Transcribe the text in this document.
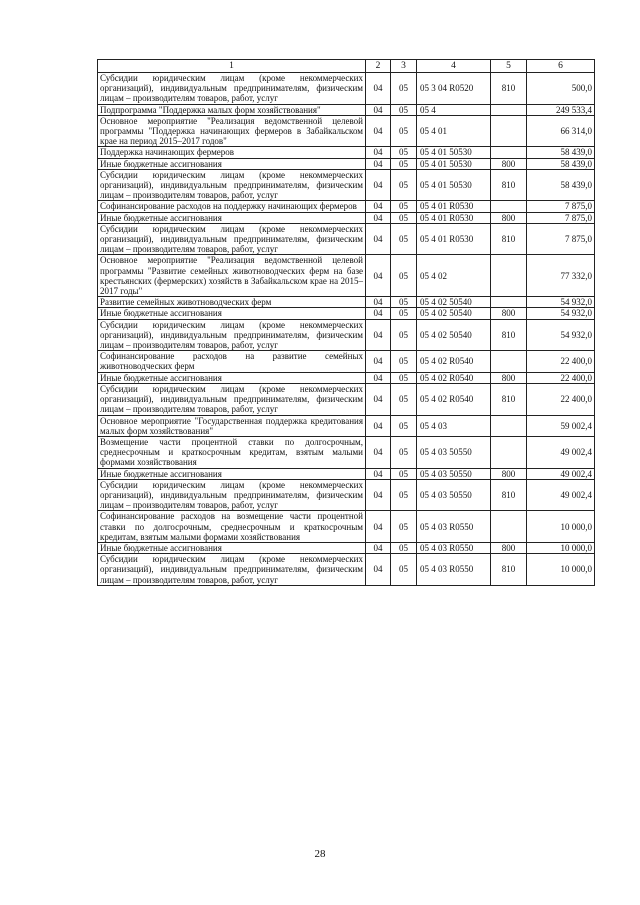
1	2	3	4	5	6
Субсидии юридическим лицам (кроме некоммерческих организаций), индивидуальным предпринимателям, физическим лицам – производителям товаров, работ, услуг	04	05	05 3 04 R0520	810	500,0
Подпрограмма "Поддержка малых форм хозяйствования"	04	05	05 4		249 533,4
Основное мероприятие "Реализация ведомственной целевой программы "Поддержка начинающих фермеров в Забайкальском крае на период 2015–2017 годов"	04	05	05 4 01		66 314,0
Поддержка начинающих фермеров	04	05	05 4 01 50530		58 439,0
Иные бюджетные ассигнования	04	05	05 4 01 50530	800	58 439,0
Субсидии юридическим лицам (кроме некоммерческих организаций), индивидуальным предпринимателям, физическим лицам – производителям товаров, работ, услуг	04	05	05 4 01 50530	810	58 439,0
Софинансирование расходов на поддержку начинающих фермеров	04	05	05 4 01 R0530		7 875,0
Иные бюджетные ассигнования	04	05	05 4 01 R0530	800	7 875,0
Субсидии юридическим лицам (кроме некоммерческих организаций), индивидуальным предпринимателям, физическим лицам – производителям товаров, работ, услуг	04	05	05 4 01 R0530	810	7 875,0
Основное мероприятие "Реализация ведомственной целевой программы "Развитие семейных животноводческих ферм на базе крестьянских (фермерских) хозяйств в Забайкальском крае на 2015–2017 годы"	04	05	05 4 02		77 332,0
Развитие семейных животноводческих ферм	04	05	05 4 02 50540		54 932,0
Иные бюджетные ассигнования	04	05	05 4 02 50540	800	54 932,0
Субсидии юридическим лицам (кроме некоммерческих организаций), индивидуальным предпринимателям, физическим лицам – производителям товаров, работ, услуг	04	05	05 4 02 50540	810	54 932,0
Софинансирование расходов на развитие семейных животноводческих ферм	04	05	05 4 02 R0540		22 400,0
Иные бюджетные ассигнования	04	05	05 4 02 R0540	800	22 400,0
Субсидии юридическим лицам (кроме некоммерческих организаций), индивидуальным предпринимателям, физическим лицам – производителям товаров, работ, услуг	04	05	05 4 02 R0540	810	22 400,0
Основное мероприятие "Государственная поддержка кредитования малых форм хозяйствования"	04	05	05 4 03		59 002,4
Возмещение части процентной ставки по долгосрочным, среднесрочным и краткосрочным кредитам, взятым малыми формами хозяйствования	04	05	05 4 03 50550		49 002,4
Иные бюджетные ассигнования	04	05	05 4 03 50550	800	49 002,4
Субсидии юридическим лицам (кроме некоммерческих организаций), индивидуальным предпринимателям, физическим лицам – производителям товаров, работ, услуг	04	05	05 4 03 50550	810	49 002,4
Софинансирование расходов на возмещение части процентной ставки по долгосрочным, среднесрочным и краткосрочным кредитам, взятым малыми формами хозяйствования	04	05	05 4 03 R0550		10 000,0
Иные бюджетные ассигнования	04	05	05 4 03 R0550	800	10 000,0
Субсидии юридическим лицам (кроме некоммерческих организаций), индивидуальным предпринимателям, физическим лицам – производителям товаров, работ, услуг	04	05	05 4 03 R0550	810	10 000,0
28
